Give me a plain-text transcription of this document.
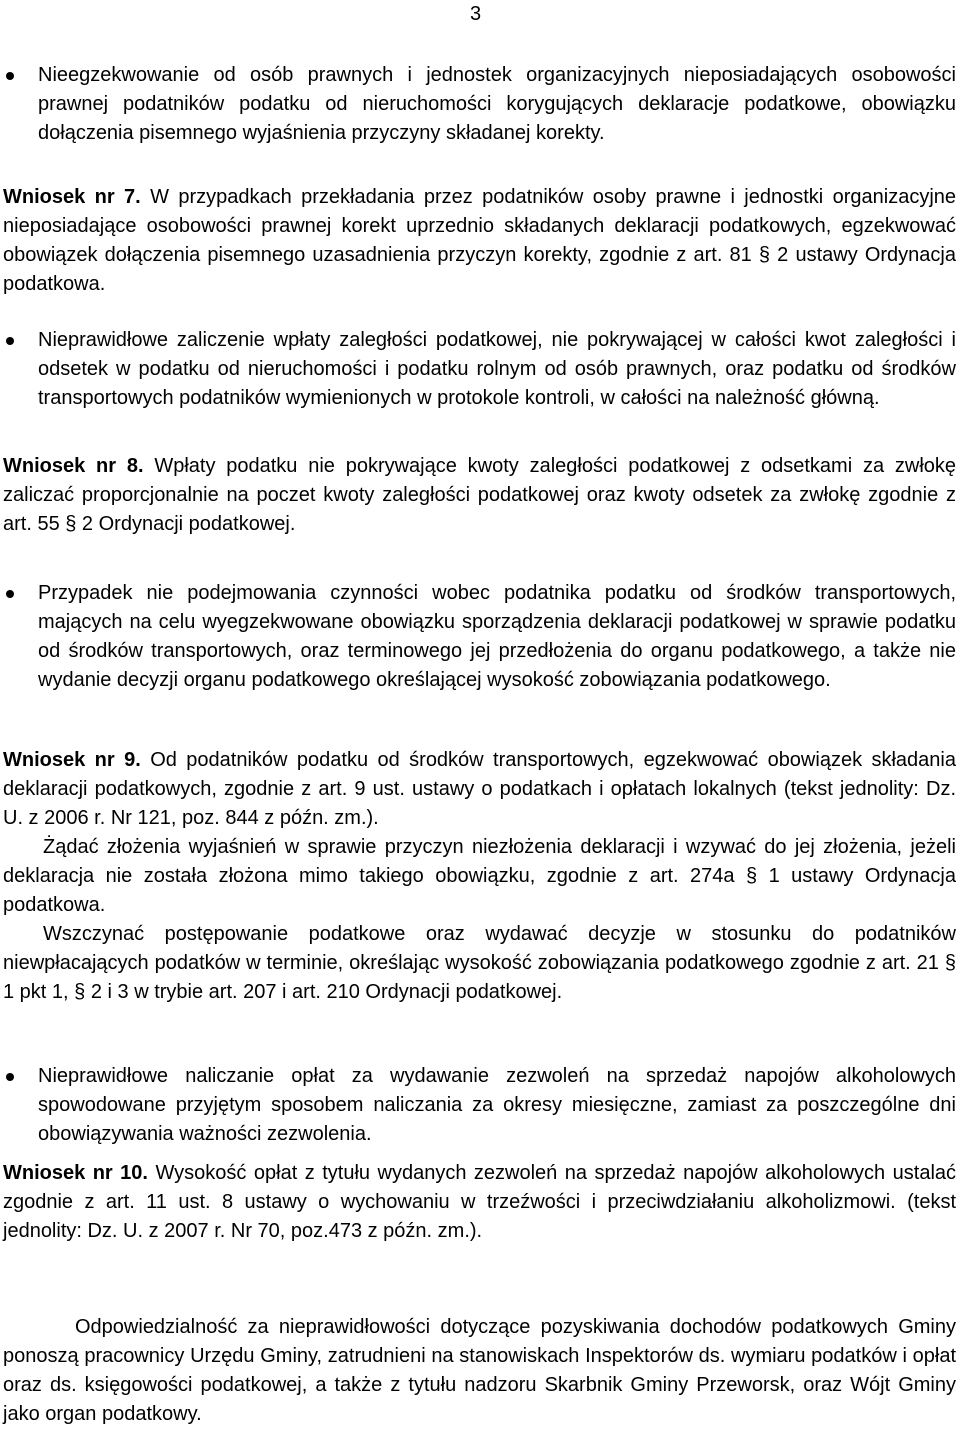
3

Nieegzekwowanie od osób prawnych i jednostek organizacyjnych nieposiadających osobowości prawnej podatników podatku od nieruchomości korygujących deklaracje podatkowe, obowiązku dołączenia pisemnego wyjaśnienia przyczyny składanej korekty.

Wniosek nr 7. W przypadkach przekładania przez podatników osoby prawne i jednostki organizacyjne nieposiadające osobowości prawnej korekt uprzednio składanych deklaracji podatkowych, egzekwować obowiązek dołączenia pisemnego uzasadnienia przyczyn korekty, zgodnie z art. 81 § 2 ustawy Ordynacja podatkowa.

Nieprawidłowe zaliczenie wpłaty zaległości podatkowej, nie pokrywającej w całości kwot zaległości i odsetek w podatku od nieruchomości i podatku rolnym od osób prawnych, oraz podatku od środków transportowych podatników wymienionych w protokole kontroli, w całości na należność główną.

Wniosek nr 8. Wpłaty podatku nie pokrywające kwoty zaległości podatkowej z odsetkami za zwłokę zaliczać proporcjonalnie na poczet kwoty zaległości podatkowej oraz kwoty odsetek za zwłokę zgodnie z art. 55 § 2 Ordynacji podatkowej.

Przypadek nie podejmowania czynności wobec podatnika podatku od środków transportowych, mających na celu wyegzekwowane obowiązku sporządzenia deklaracji podatkowej w sprawie podatku od środków transportowych, oraz terminowego jej przedłożenia do organu podatkowego, a także nie wydanie decyzji organu podatkowego określającej wysokość zobowiązania podatkowego.

Wniosek nr 9. Od podatników podatku od środków transportowych, egzekwować obowiązek składania deklaracji podatkowych, zgodnie z art. 9 ust. ustawy o podatkach i opłatach lokalnych (tekst jednolity: Dz. U. z 2006 r. Nr 121, poz. 844 z późn. zm.).

Żądać złożenia wyjaśnień w sprawie przyczyn niezłożenia deklaracji i wzywać do jej złożenia, jeżeli deklaracja nie została złożona mimo takiego obowiązku, zgodnie z art. 274a § 1 ustawy Ordynacja podatkowa.

Wszczynać postępowanie podatkowe oraz wydawać decyzje w stosunku do podatników niewpłacających podatków w terminie, określając wysokość zobowiązania podatkowego zgodnie z art. 21 § 1 pkt 1, § 2 i 3 w trybie art. 207 i art. 210 Ordynacji podatkowej.

Nieprawidłowe naliczanie opłat za wydawanie zezwoleń na sprzedaż napojów alkoholowych spowodowane przyjętym sposobem naliczania za okresy miesięczne, zamiast za poszczególne dni obowiązywania ważności zezwolenia.

Wniosek nr 10. Wysokość opłat z tytułu wydanych zezwoleń na sprzedaż napojów alkoholowych ustalać zgodnie z art. 11 ust. 8 ustawy o wychowaniu w trzeźwości i przeciwdziałaniu alkoholizmowi. (tekst jednolity: Dz. U. z 2007 r. Nr 70, poz.473 z późn. zm.).

Odpowiedzialność za nieprawidłowości dotyczące pozyskiwania dochodów podatkowych Gminy ponoszą pracownicy Urzędu Gminy, zatrudnieni na stanowiskach Inspektorów ds. wymiaru podatków i opłat oraz ds. księgowości podatkowej, a także z tytułu nadzoru Skarbnik Gminy Przeworsk, oraz Wójt Gminy jako organ podatkowy.
